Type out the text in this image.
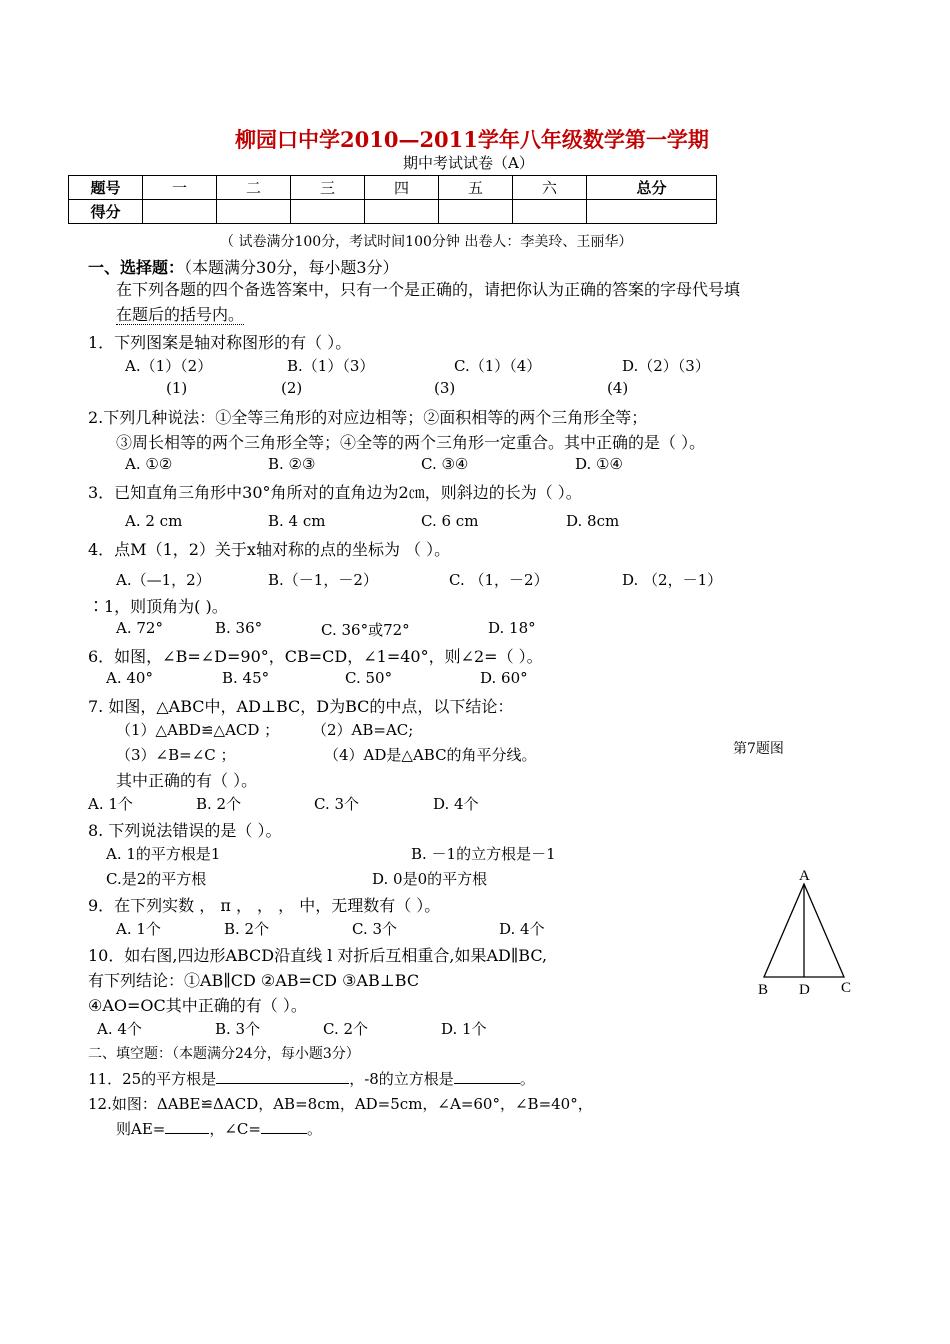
柳园口中学2010—2011学年八年级数学第一学期
期中考试试卷（A）
题号	一	二	三	四	五	六	总分
得分							
（ 试卷满分100分，考试时间100分钟 出卷人：李美玲、王丽华）
一、选择题：（本题满分30分，每小题3分）
在下列各题的四个备选答案中，只有一个是正确的，请把你认为正确的答案的字母代号填
在题后的括号内。
1．下列图案是轴对称图形的有（ ）。
A.（1）（2）	B.（1）（3）	C.（1）（4）	D.（2）（3）
(1)	(2)	(3)	(4)
2.下列几种说法：①全等三角形的对应边相等；②面积相等的两个三角形全等；
③周长相等的两个三角形全等；④全等的两个三角形一定重合。其中正确的是（ ）。
A. ①②	B. ②③	C. ③④	D. ①④
3．已知直角三角形中30°角所对的直角边为2㎝，则斜边的长为（ ）。
A. 2 cm	B. 4 cm	C. 6 cm	D. 8cm
4．点M（1，2）关于x轴对称的点的坐标为 （ ）。
A.（—1，2）	B.（－1，－2）	C. （1，－2）	D. （2，－1）
∶1，则顶角为( )。
A. 72°	B. 36°	C. 36°或72°	D. 18°
6．如图，∠B=∠D=90°，CB=CD，∠1=40°，则∠2=（ ）。
A. 40°	B. 45°	C. 50°	D. 60°
7. 如图，△ABC中，AD⊥BC，D为BC的中点，以下结论：
（1）△ABD≌△ACD ； （2）AB=AC;
（3）∠B=∠C ；	（4）AD是△ABC的角平分线。	第7题图
其中正确的有（ ）。
A. 1个	B. 2个	C. 3个	D. 4个
8. 下列说法错误的是（ ）。
A. 1的平方根是1	B. －1的立方根是－1
C.是2的平方根	D. 0是0的平方根
9．在下列实数 ， π ， ， ， 中，无理数有（ ）。
A. 1个	B. 2个	C. 3个	D. 4个
10．如右图,四边形ABCD沿直线 l 对折后互相重合,如果AD∥BC,
有下列结论：①AB∥CD ②AB=CD ③AB⊥BC
④AO=OC其中正确的有（ ）。
A. 4个	B. 3个	C. 2个	D. 1个
A
B D C
二、填空题：（本题满分24分，每小题3分）
11．25的平方根是	，-8的立方根是	。
12.如图：ΔABE≌ΔACD，AB=8cm，AD=5cm，∠A=60°，∠B=40°，
则AE=	，∠C=	。
